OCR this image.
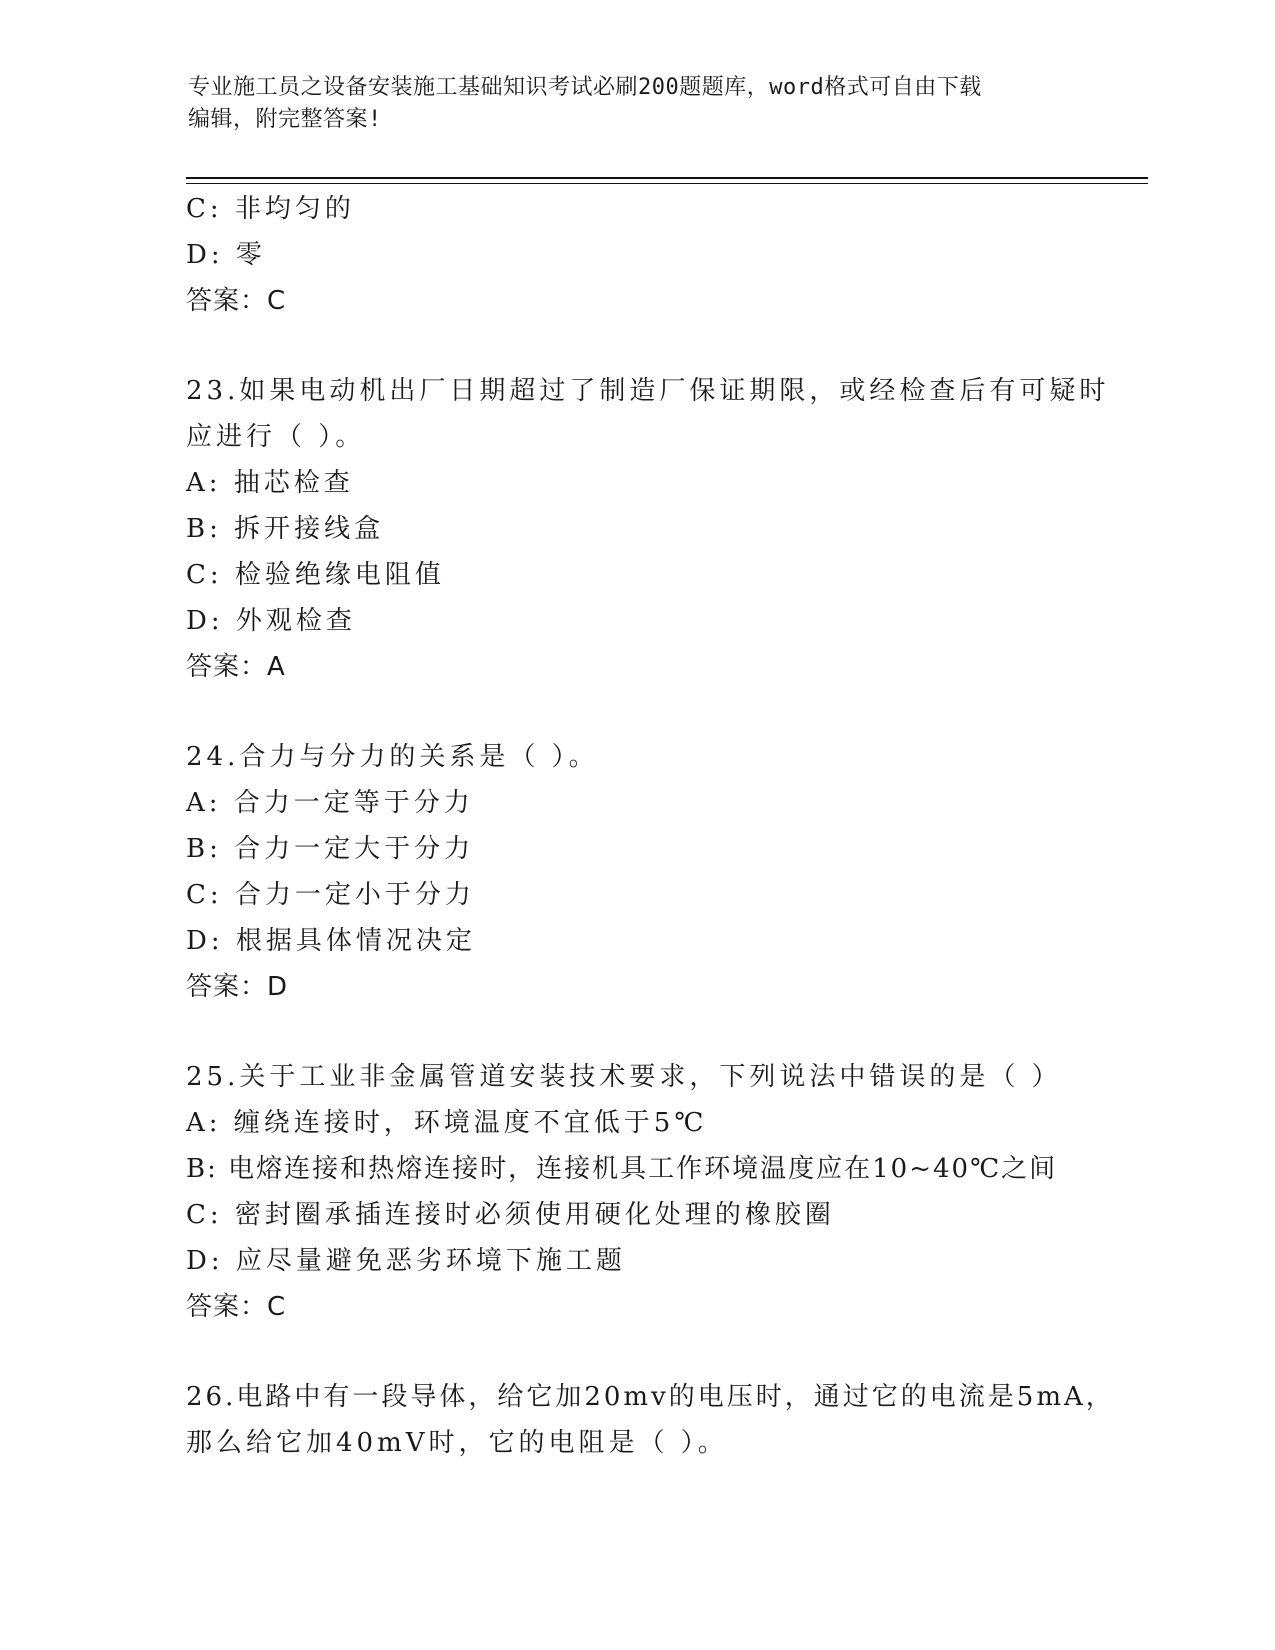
专业施工员之设备安装施工基础知识考试必刷200题题库，word格式可自由下载
编辑，附完整答案!
C: 非均匀的
D: 零
答案：C
23.如果电动机出厂日期超过了制造厂保证期限，或经检查后有可疑时
应进行（ ）。
A: 抽芯检查
B: 拆开接线盒
C: 检验绝缘电阻值
D: 外观检查
答案：A
24.合力与分力的关系是（ ）。
A: 合力一定等于分力
B: 合力一定大于分力
C: 合力一定小于分力
D: 根据具体情况决定
答案：D
25.关于工业非金属管道安装技术要求，下列说法中错误的是（ ）
A: 缠绕连接时，环境温度不宜低于5℃
B: 电熔连接和热熔连接时，连接机具工作环境温度应在10~40℃之间
C: 密封圈承插连接时必须使用硬化处理的橡胶圈
D: 应尽量避免恶劣环境下施工题
答案：C
26.电路中有一段导体，给它加20mv的电压时，通过它的电流是5mA，
那么给它加40mV时，它的电阻是（ ）。
